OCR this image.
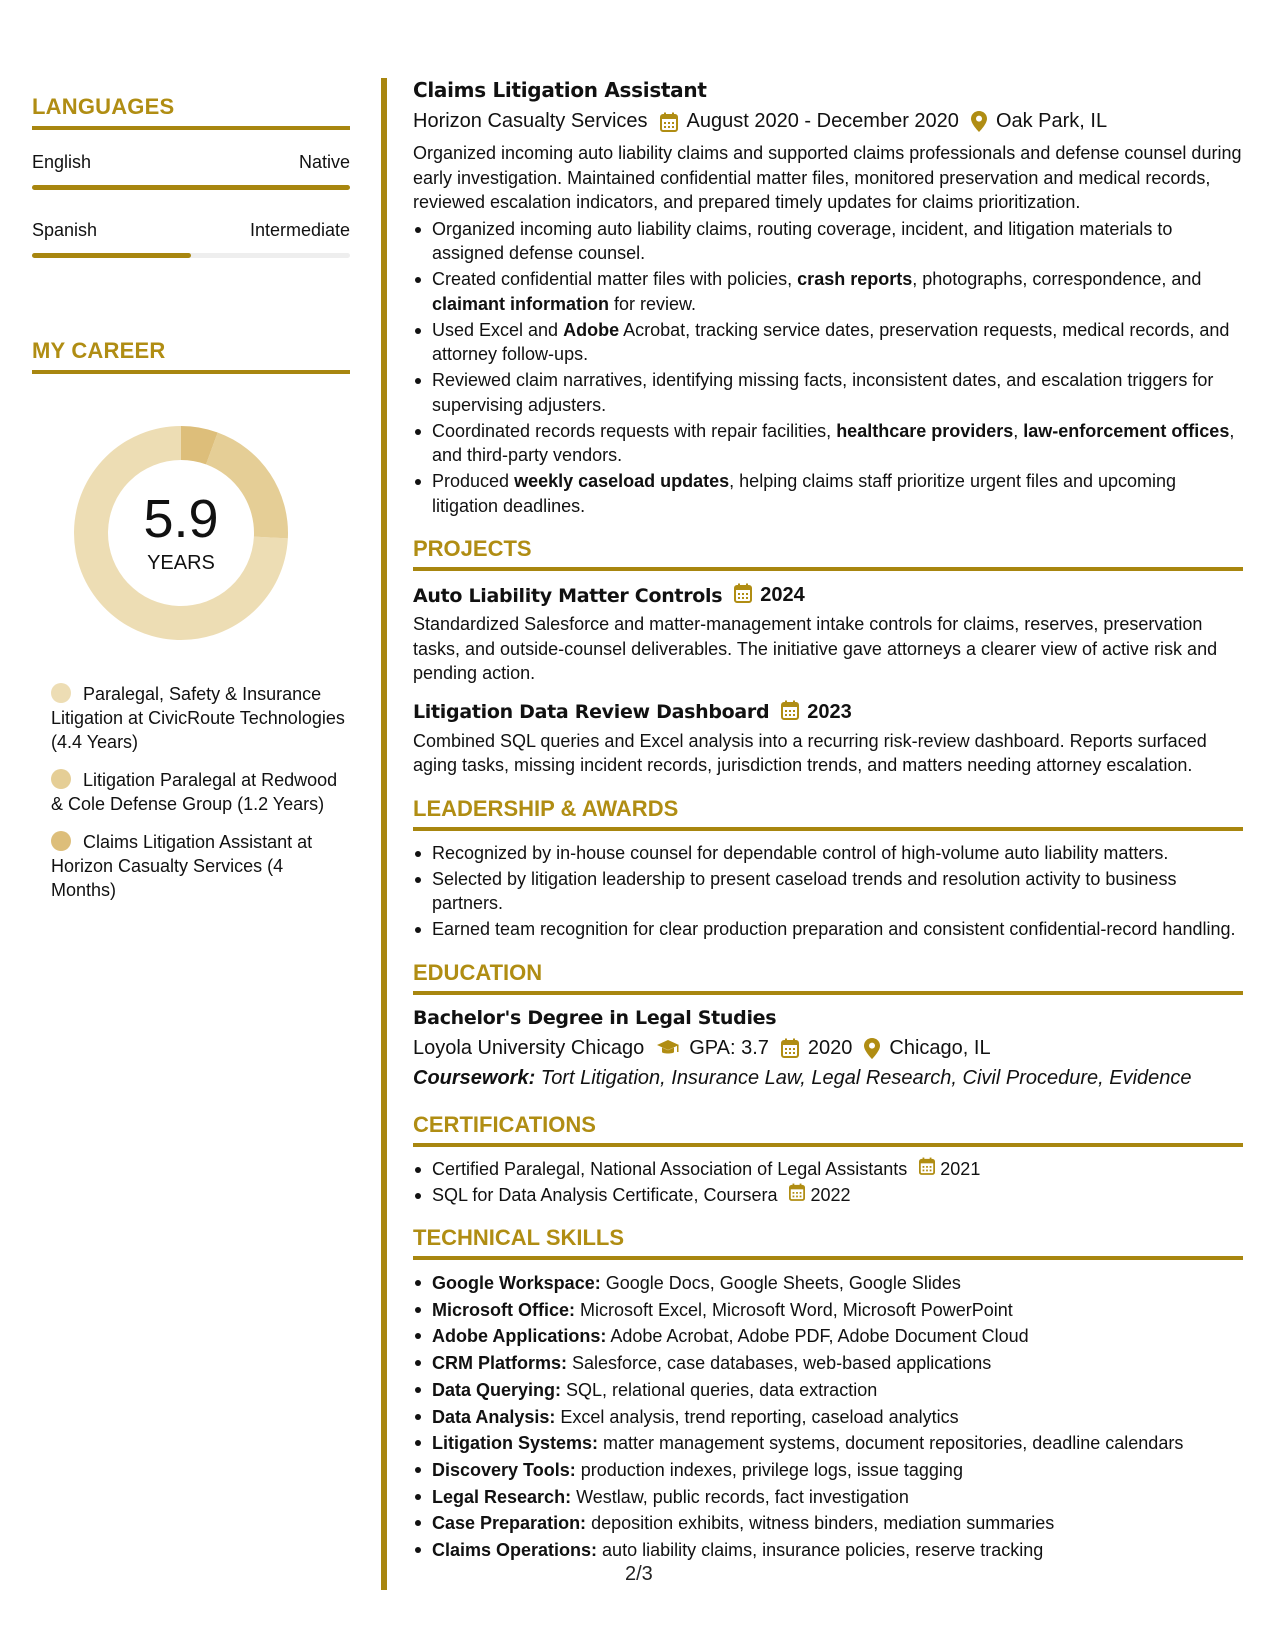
LANGUAGES
English	Native
Spanish	Intermediate
MY CAREER
5.9
YEARS
Paralegal, Safety & Insurance Litigation at CivicRoute Technologies (4.4 Years)
Litigation Paralegal at Redwood & Cole Defense Group (1.2 Years)
Claims Litigation Assistant at Horizon Casualty Services (4 Months)
Claims Litigation Assistant
Horizon Casualty Services August 2020 - December 2020 Oak Park, IL
Organized incoming auto liability claims and supported claims professionals and defense counsel during early investigation. Maintained confidential matter files, monitored preservation and medical records, reviewed escalation indicators, and prepared timely updates for claims prioritization.
Organized incoming auto liability claims, routing coverage, incident, and litigation materials to assigned defense counsel.
Created confidential matter files with policies, crash reports, photographs, correspondence, and claimant information for review.
Used Excel and Adobe Acrobat, tracking service dates, preservation requests, medical records, and attorney follow-ups.
Reviewed claim narratives, identifying missing facts, inconsistent dates, and escalation triggers for supervising adjusters.
Coordinated records requests with repair facilities, healthcare providers, law-enforcement offices, and third-party vendors.
Produced weekly caseload updates, helping claims staff prioritize urgent files and upcoming litigation deadlines.
PROJECTS
Auto Liability Matter Controls 2024
Standardized Salesforce and matter-management intake controls for claims, reserves, preservation tasks, and outside-counsel deliverables. The initiative gave attorneys a clearer view of active risk and pending action.
Litigation Data Review Dashboard 2023
Combined SQL queries and Excel analysis into a recurring risk-review dashboard. Reports surfaced aging tasks, missing incident records, jurisdiction trends, and matters needing attorney escalation.
LEADERSHIP & AWARDS
Recognized by in-house counsel for dependable control of high-volume auto liability matters.
Selected by litigation leadership to present caseload trends and resolution activity to business partners.
Earned team recognition for clear production preparation and consistent confidential-record handling.
EDUCATION
Bachelor's Degree in Legal Studies
Loyola University Chicago GPA: 3.7 2020 Chicago, IL
Coursework: Tort Litigation, Insurance Law, Legal Research, Civil Procedure, Evidence
CERTIFICATIONS
Certified Paralegal, National Association of Legal Assistants 2021
SQL for Data Analysis Certificate, Coursera 2022
TECHNICAL SKILLS
Google Workspace: Google Docs, Google Sheets, Google Slides
Microsoft Office: Microsoft Excel, Microsoft Word, Microsoft PowerPoint
Adobe Applications: Adobe Acrobat, Adobe PDF, Adobe Document Cloud
CRM Platforms: Salesforce, case databases, web-based applications
Data Querying: SQL, relational queries, data extraction
Data Analysis: Excel analysis, trend reporting, caseload analytics
Litigation Systems: matter management systems, document repositories, deadline calendars
Discovery Tools: production indexes, privilege logs, issue tagging
Legal Research: Westlaw, public records, fact investigation
Case Preparation: deposition exhibits, witness binders, mediation summaries
Claims Operations: auto liability claims, insurance policies, reserve tracking
2/3
